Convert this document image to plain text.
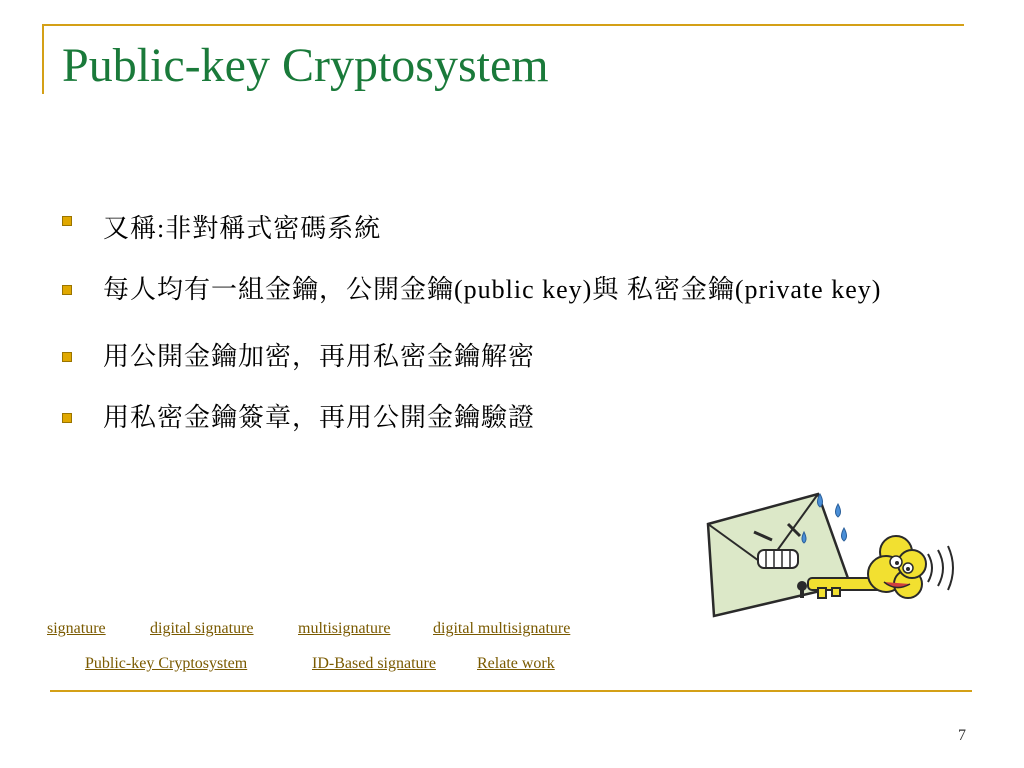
Public-key Cryptosystem
又稱:非對稱式密碼系統
每人均有一組金鑰，公開金鑰(public key)與 私密金鑰(private key)
用公開金鑰加密，再用私密金鑰解密
用私密金鑰簽章，再用公開金鑰驗證
signature	digital signature	multisignature	digital multisignature
Public-key Cryptosystem	ID-Based signature	Relate work
7
